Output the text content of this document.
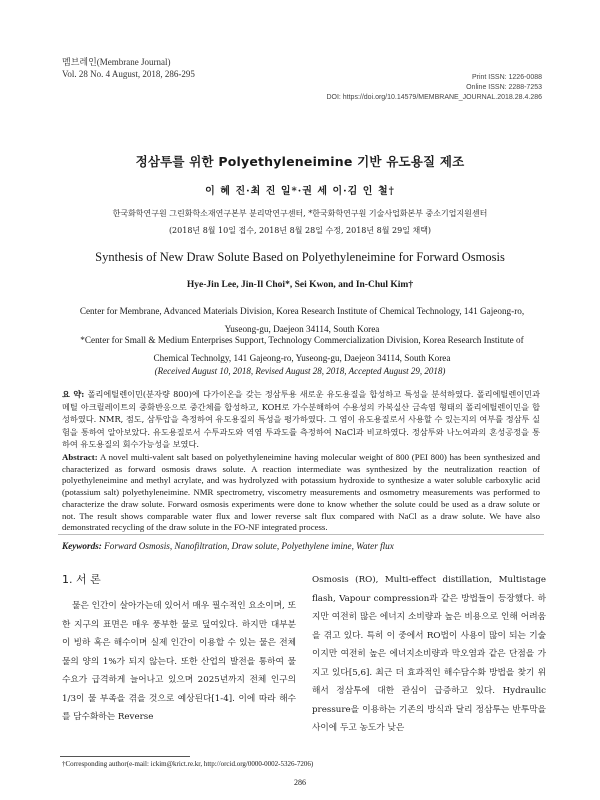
멤브레인(Membrane Journal)
Vol. 28 No. 4 August, 2018, 286-295	Print ISSN: 1226-0088
Online ISSN: 2288-7253
DOI: https://doi.org/10.14579/MEMBRANE_JOURNAL.2018.28.4.286
정삼투를 위한 Polyethyleneimine 기반 유도용질 제조
이 혜 진·최 진 일*·권 세 이·김 인 철†
한국화학연구원 그린화학소재연구본부 분리막연구센터, *한국화학연구원 기술사업화본부 중소기업지원센터
(2018년 8월 10일 접수, 2018년 8월 28일 수정, 2018년 8월 29일 채택)
Synthesis of New Draw Solute Based on Polyethyleneimine for Forward Osmosis
Hye-Jin Lee, Jin-Il Choi*, Sei Kwon, and In-Chul Kim†
Center for Membrane, Advanced Materials Division, Korea Research Institute of Chemical Technology, 141 Gajeong-ro, Yuseong-gu, Daejeon 34114, South Korea
*Center for Small & Medium Enterprises Support, Technology Commercialization Division, Korea Research Institute of Chemical Technolgy, 141 Gajeong-ro, Yuseong-gu, Daejeon 34114, South Korea
(Received August 10, 2018, Revised August 28, 2018, Accepted August 29, 2018)
요 약: 폴리에틸렌이민(분자량 800)에 다가이온을 갖는 정삼투용 새로운 유도용질을 합성하고 특성을 분석하였다. 폴리에틸렌이민과 메틸 아크릴레이트의 중화반응으로 중간체를 합성하고, KOH로 가수분해하여 수용성의 카복실산 금속염 형태의 폴리에틸렌이민을 합성하였다. NMR, 점도, 삼투압을 측정하여 유도용질의 특성을 평가하였다. 그 염이 유도용질로서 사용할 수 있는지의 여부를 정삼투 실험을 통하여 알아보았다. 유도용질로서 수투과도와 역염 투과도를 측정하여 NaCl과 비교하였다. 정삼투와 나노여과의 혼성공정을 통하여 유도용질의 회수가능성을 보였다.
Abstract: A novel multi-valent salt based on polyethyleneimine having molecular weight of 800 (PEI 800) has been synthesized and characterized as forward osmosis draws solute. A reaction intermediate was synthesized by the neutralization reaction of polyethyleneimine and methyl acrylate, and was hydrolyzed with potassium hydroxide to synthesize a water soluble carboxylic acid (potassium salt) polyethyleneimine. NMR spectrometry, viscometry measurements and osmometry measurements was performed to characterize the draw solute. Forward osmosis experiments were done to know whether the solute could be used as a draw solute or not. The result shows comparable water flux and lower reverse salt flux compared with NaCl as a draw solute. We have also demonstrated recycling of the draw solute in the FO-NF integrated process.
Keywords: Forward Osmosis, Nanofiltration, Draw solute, Polyethylene imine, Water flux
1. 서 론
물은 인간이 살아가는데 있어서 매우 필수적인 요소이며, 또한 지구의 표면은 매우 풍부한 물로 덮여있다. 하지만 대부분이 빙하 혹은 해수이며 실제 인간이 이용할 수 있는 물은 전체 물의 양의 1%가 되지 않는다. 또한 산업의 발전을 통하여 물수요가 급격하게 늘어나고 있으며 2025년까지 전체 인구의 1/3이 물 부족을 겪을 것으로 예상된다[1-4]. 이에 따라 해수를 담수화하는 Reverse
Osmosis (RO), Multi-effect distillation, Multistage flash, Vapour compression과 같은 방법들이 등장했다. 하지만 여전히 많은 에너지 소비량과 높은 비용으로 인해 어려움을 겪고 있다. 특히 이 중에서 RO법이 사용이 많이 되는 기술이지만 여전히 높은 에너지소비량과 막오염과 같은 단점을 가지고 있다[5,6]. 최근 더 효과적인 해수담수화 방법을 찾기 위해서 정삼투에 대한 관심이 급증하고 있다. Hydraulic pressure을 이용하는 기존의 방식과 달리 정삼투는 반투막을 사이에 두고 농도가 낮은
†Corresponding author(e-mail: ickim@krict.re.kr, http://orcid.org/0000-0002-5326-7206)
286
